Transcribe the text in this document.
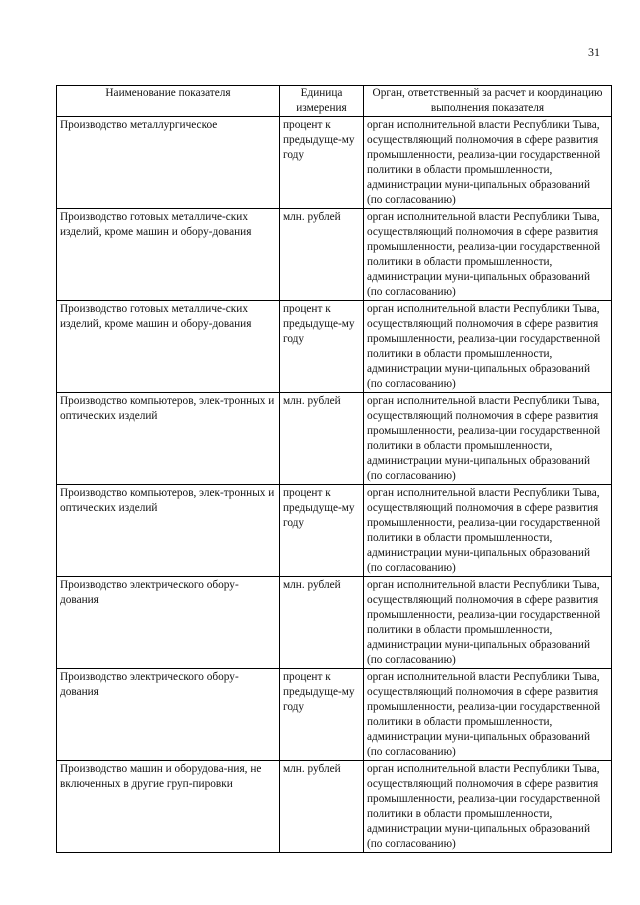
31
Наименование показателя	Единица измерения	Орган, ответственный за расчет и координацию выполнения показателя
Производство металлургическое	процент к предыдуще-му году	орган исполнительной власти Республики Тыва, осуществляющий полномочия в сфере развития промышленности, реализа-ции государственной политики в области промышленности, администрации муни-ципальных образований (по согласованию)
Производство готовых металличе-ских изделий, кроме машин и обору-дования	млн. рублей	орган исполнительной власти Республики Тыва, осуществляющий полномочия в сфере развития промышленности, реализа-ции государственной политики в области промышленности, администрации муни-ципальных образований (по согласованию)
Производство готовых металличе-ских изделий, кроме машин и обору-дования	процент к предыдуще-му году	орган исполнительной власти Республики Тыва, осуществляющий полномочия в сфере развития промышленности, реализа-ции государственной политики в области промышленности, администрации муни-ципальных образований (по согласованию)
Производство компьютеров, элек-тронных и оптических изделий	млн. рублей	орган исполнительной власти Республики Тыва, осуществляющий полномочия в сфере развития промышленности, реализа-ции государственной политики в области промышленности, администрации муни-ципальных образований (по согласованию)
Производство компьютеров, элек-тронных и оптических изделий	процент к предыдуще-му году	орган исполнительной власти Республики Тыва, осуществляющий полномочия в сфере развития промышленности, реализа-ции государственной политики в области промышленности, администрации муни-ципальных образований (по согласованию)
Производство электрического обору-дования	млн. рублей	орган исполнительной власти Республики Тыва, осуществляющий полномочия в сфере развития промышленности, реализа-ции государственной политики в области промышленности, администрации муни-ципальных образований (по согласованию)
Производство электрического обору-дования	процент к предыдуще-му году	орган исполнительной власти Республики Тыва, осуществляющий полномочия в сфере развития промышленности, реализа-ции государственной политики в области промышленности, администрации муни-ципальных образований (по согласованию)
Производство машин и оборудова-ния, не включенных в другие груп-пировки	млн. рублей	орган исполнительной власти Республики Тыва, осуществляющий полномочия в сфере развития промышленности, реализа-ции государственной политики в области промышленности, администрации муни-ципальных образований (по согласованию)
